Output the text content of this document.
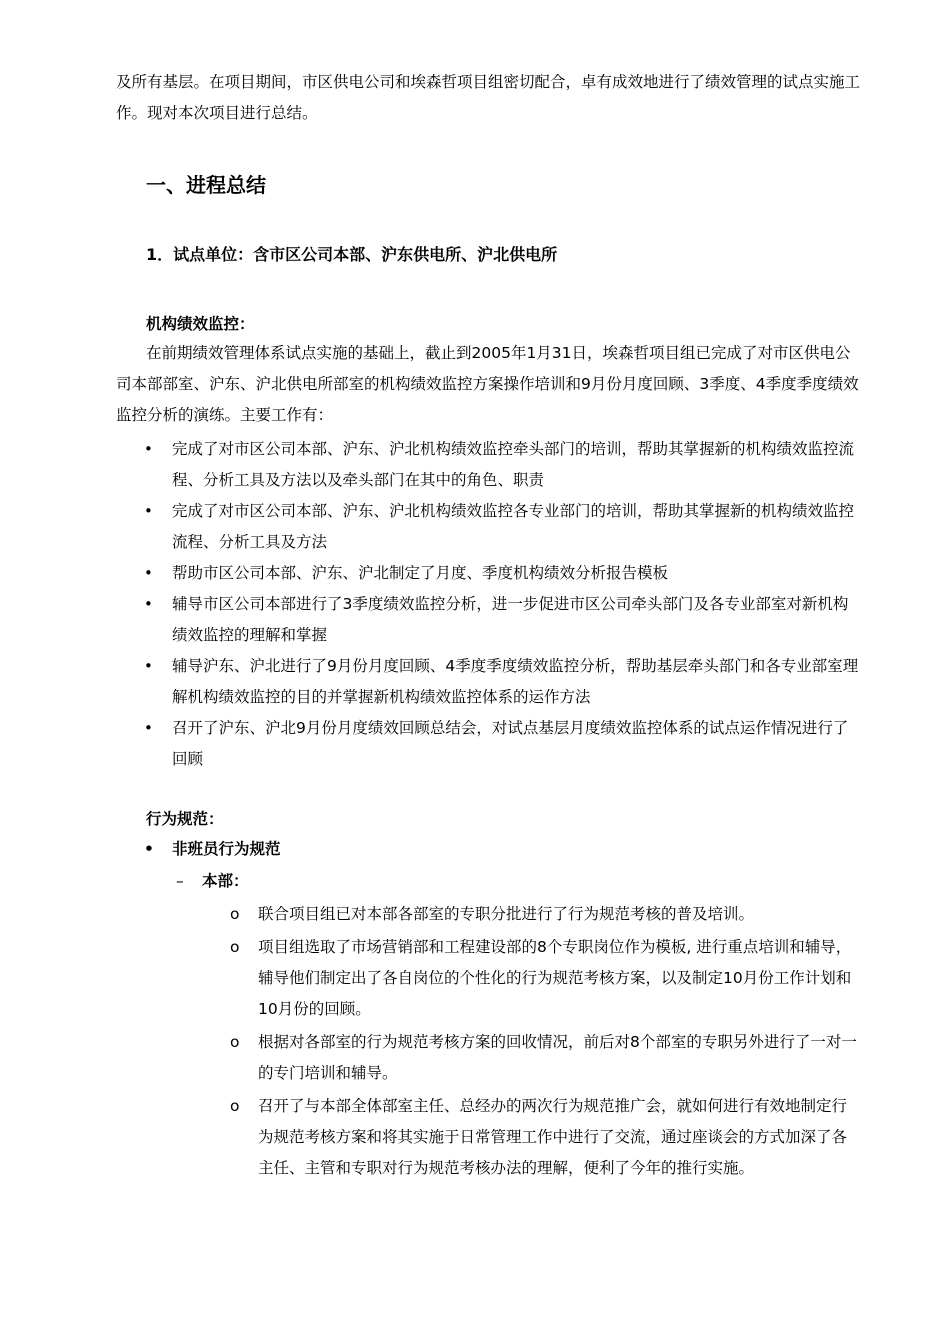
及所有基层。在项目期间，市区供电公司和埃森哲项目组密切配合，卓有成效地进行了绩效管理的试点实施工作。现对本次项目进行总结。
一、进程总结
1．试点单位：含市区公司本部、沪东供电所、沪北供电所
机构绩效监控：
在前期绩效管理体系试点实施的基础上，截止到2005年1月31日，埃森哲项目组已完成了对市区供电公司本部部室、沪东、沪北供电所部室的机构绩效监控方案操作培训和9月份月度回顾、3季度、4季度季度绩效监控分析的演练。主要工作有：
• 完成了对市区公司本部、沪东、沪北机构绩效监控牵头部门的培训，帮助其掌握新的机构绩效监控流程、分析工具及方法以及牵头部门在其中的角色、职责
• 完成了对市区公司本部、沪东、沪北机构绩效监控各专业部门的培训，帮助其掌握新的机构绩效监控流程、分析工具及方法
• 帮助市区公司本部、沪东、沪北制定了月度、季度机构绩效分析报告模板
• 辅导市区公司本部进行了3季度绩效监控分析，进一步促进市区公司牵头部门及各专业部室对新机构绩效监控的理解和掌握
• 辅导沪东、沪北进行了9月份月度回顾、4季度季度绩效监控分析，帮助基层牵头部门和各专业部室理解机构绩效监控的目的并掌握新机构绩效监控体系的运作方法
• 召开了沪东、沪北9月份月度绩效回顾总结会，对试点基层月度绩效监控体系的试点运作情况进行了回顾
行为规范：
• 非班员行为规范
– 本部：
o 联合项目组已对本部各部室的专职分批进行了行为规范考核的普及培训。
o 项目组选取了市场营销部和工程建设部的8个专职岗位作为模板, 进行重点培训和辅导，辅导他们制定出了各自岗位的个性化的行为规范考核方案，以及制定10月份工作计划和10月份的回顾。
o 根据对各部室的行为规范考核方案的回收情况，前后对8个部室的专职另外进行了一对一的专门培训和辅导。
o 召开了与本部全体部室主任、总经办的两次行为规范推广会，就如何进行有效地制定行为规范考核方案和将其实施于日常管理工作中进行了交流，通过座谈会的方式加深了各主任、主管和专职对行为规范考核办法的理解，便利了今年的推行实施。
